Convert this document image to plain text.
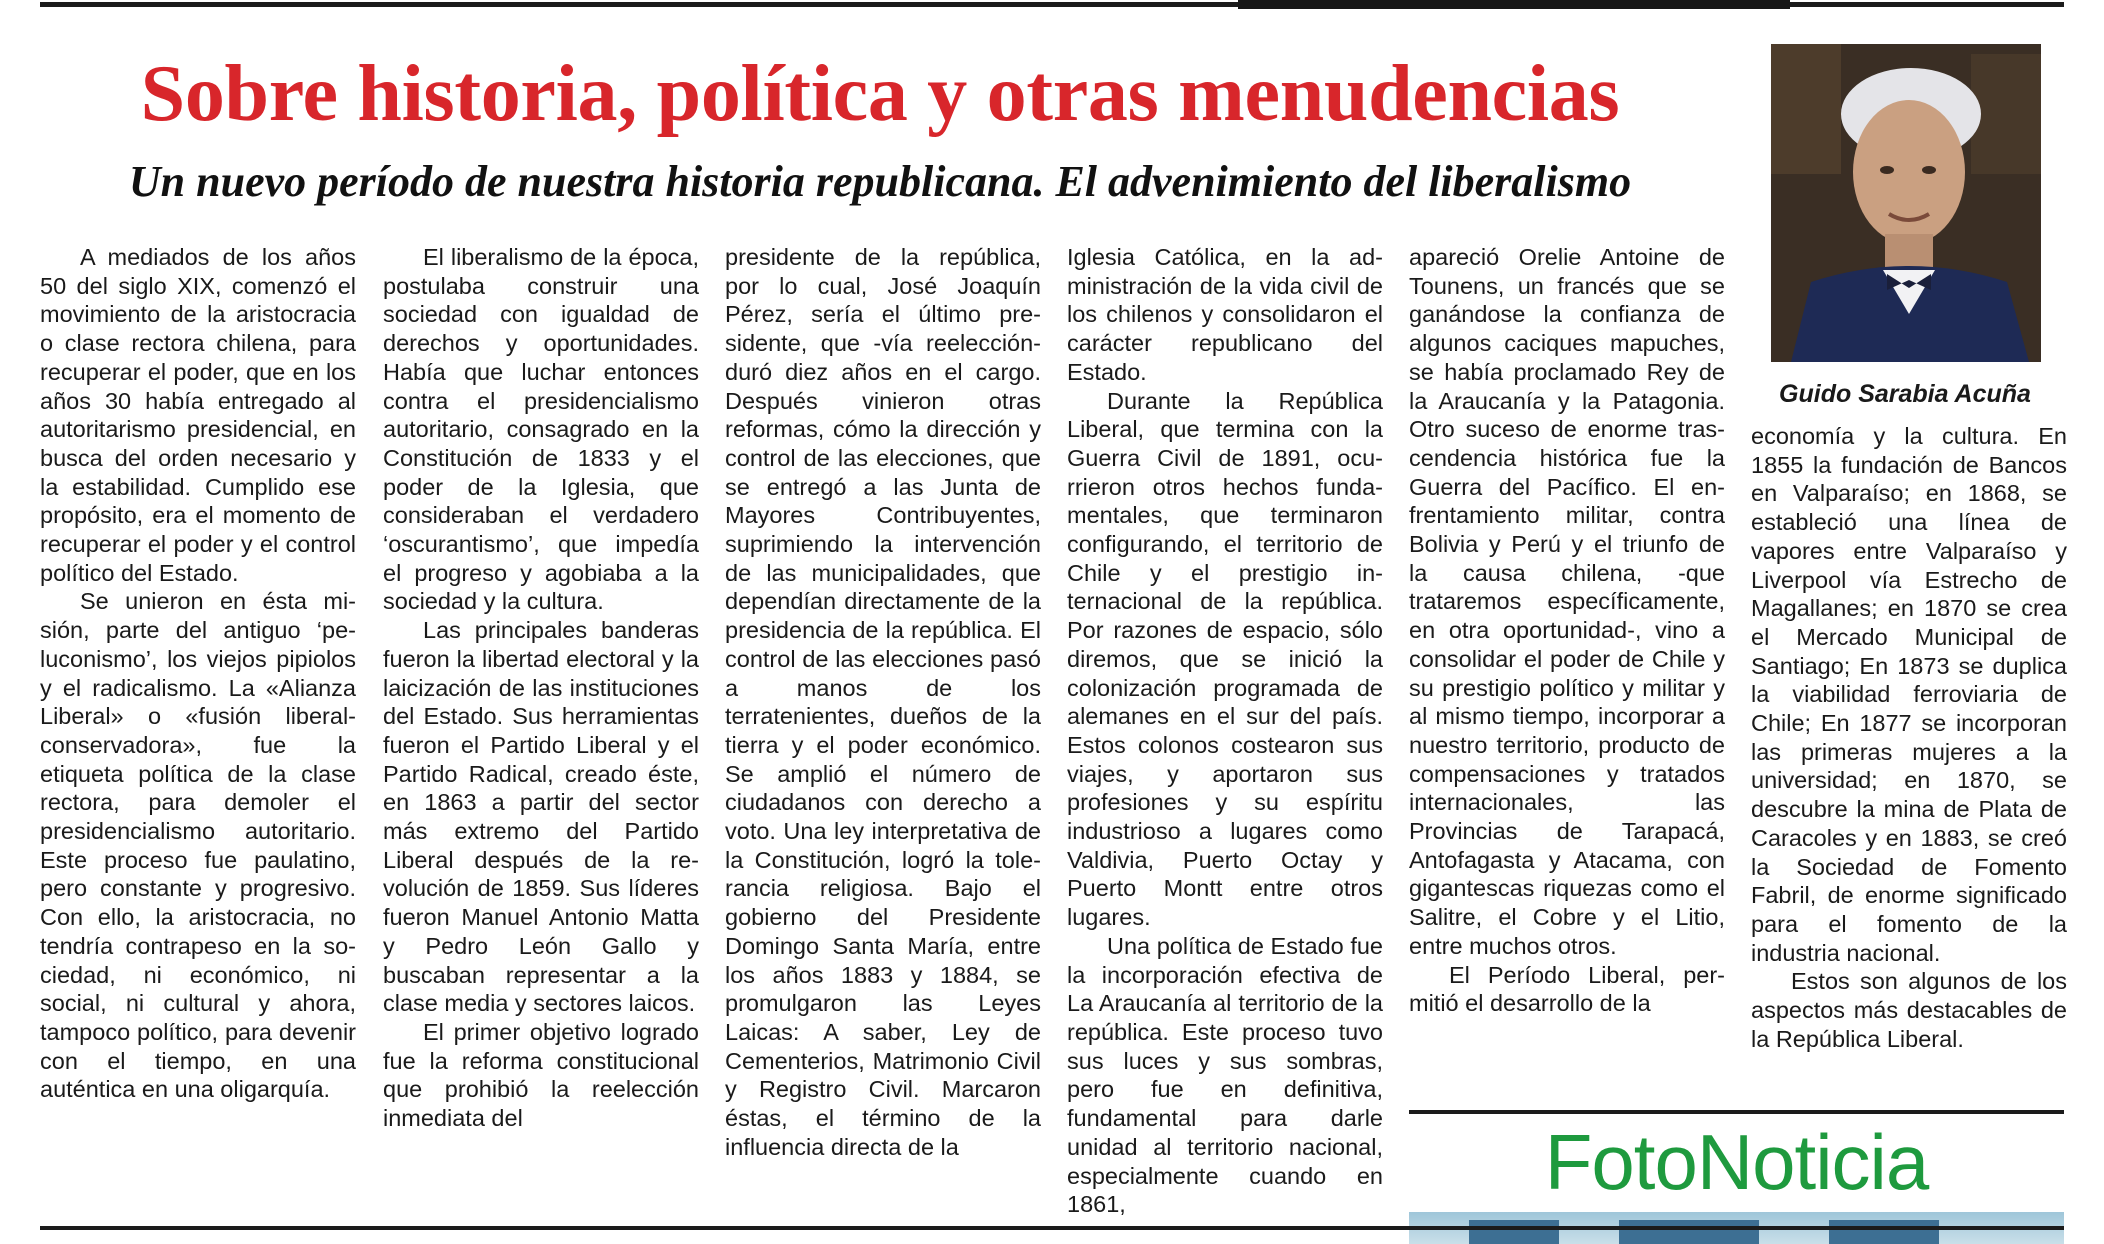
Sobre historia, política y otras menudencias
Un nuevo período de nuestra historia republicana. El advenimiento del liberalismo
Guido Sarabia Acuña

A mediados de los años 50 del siglo XIX, comenzó el movimiento de la aristocracia o clase rectora chilena, para recuperar el poder, que en los años 30 había entregado al autoritarismo presidencial, en busca del orden necesario y la estabilidad. Cumplido ese propósito, era el momento de recuperar el poder y el control político del Estado.

Se unieron en ésta misión, parte del antiguo ‘peluconismo’, los viejos pipiolos y el radicalismo. La «Alianza Liberal» o «fusión liberal-conservadora», fue la etiqueta política de la clase rectora, para demoler el presidencialismo autoritario. Este proceso fue paulatino, pero constante y progresivo. Con ello, la aristocracia, no tendría contrapeso en la sociedad, ni económico, ni social, ni cultural y ahora, tampoco político, para devenir con el tiempo, en una auténtica en una oligarquía.

El liberalismo de la época, postulaba construir una sociedad con igualdad de derechos y oportunidades. Había que luchar entonces contra el presidencialismo autoritario, consagrado en la Constitución de 1833 y el poder de la Iglesia, que consideraban el verdadero ‘oscurantismo’, que impedía el progreso y agobiaba a la sociedad y la cultura.

Las principales banderas fueron la libertad electoral y la laicización de las instituciones del Estado. Sus herramientas fueron el Partido Liberal y el Partido Radical, creado éste, en 1863 a partir del sector más extremo del Partido Liberal después de la revolución de 1859. Sus líderes fueron Manuel Antonio Matta y Pedro León Gallo y buscaban representar a la clase media y sectores laicos.

El primer objetivo logrado fue la reforma constitucional que prohibió la reelección inmediata del

presidente de la república, por lo cual, José Joaquín Pérez, sería el último presidente, que -vía reelección- duró diez años en el cargo. Después vinieron otras reformas, cómo la dirección y control de las elecciones, que se entregó a las Junta de Mayores Contribuyentes, suprimiendo la intervención de las municipalidades, que dependían directamente de la presidencia de la república. El control de las elecciones pasó a manos de los terratenientes, dueños de la tierra y el poder económico. Se amplió el número de ciudadanos con derecho a voto. Una ley interpretativa de la Constitución, logró la tolerancia religiosa. Bajo el gobierno del Presidente Domingo Santa María, entre los años 1883 y 1884, se promulgaron las Leyes Laicas: A saber, Ley de Cementerios, Matrimonio Civil y Registro Civil. Marcaron éstas, el término de la influencia directa de la

Iglesia Católica, en la administración de la vida civil de los chilenos y consolidaron el carácter republicano del Estado.

Durante la República Liberal, que termina con la Guerra Civil de 1891, ocurrieron otros hechos fundamentales, que terminaron configurando, el territorio de Chile y el prestigio internacional de la república. Por razones de espacio, sólo diremos, que se inició la colonización programada de alemanes en el sur del país. Estos colonos costearon sus viajes, y aportaron sus profesiones y su espíritu industrioso a lugares como Valdivia, Puerto Octay y Puerto Montt entre otros lugares.

Una política de Estado fue la incorporación efectiva de La Araucanía al territorio de la república. Este proceso tuvo sus luces y sus sombras, pero fue en definitiva, fundamental para darle unidad al territorio nacional, especialmente cuando en 1861,

apareció Orelie Antoine de Tounens, un francés que se ganándose la confianza de algunos caciques mapuches, se había proclamado Rey de la Araucanía y la Patagonia. Otro suceso de enorme trascendencia histórica fue la Guerra del Pacífico. El enfrentamiento militar, contra Bolivia y Perú y el triunfo de la causa chilena, -que trataremos específicamente, en otra oportunidad-, vino a consolidar el poder de Chile y su prestigio político y militar y al mismo tiempo, incorporar a nuestro territorio, producto de compensaciones y tratados internacionales, las Provincias de Tarapacá, Antofagasta y Atacama, con gigantescas riquezas como el Salitre, el Cobre y el Litio, entre muchos otros.

El Período Liberal, permitió el desarrollo de la

economía y la cultura. En 1855 la fundación de Bancos en Valparaíso; en 1868, se estableció una línea de vapores entre Valparaíso y Liverpool vía Estrecho de Magallanes; en 1870 se crea el Mercado Municipal de Santiago; En 1873 se duplica la viabilidad ferroviaria de Chile; En 1877 se incorporan las primeras mujeres a la universidad; en 1870, se descubre la mina de Plata de Caracoles y en 1883, se creó la Sociedad de Fomento Fabril, de enorme significado para el fomento de la industria nacional.

Estos son algunos de los aspectos más destacables de la República Liberal.

FotoNoticia
